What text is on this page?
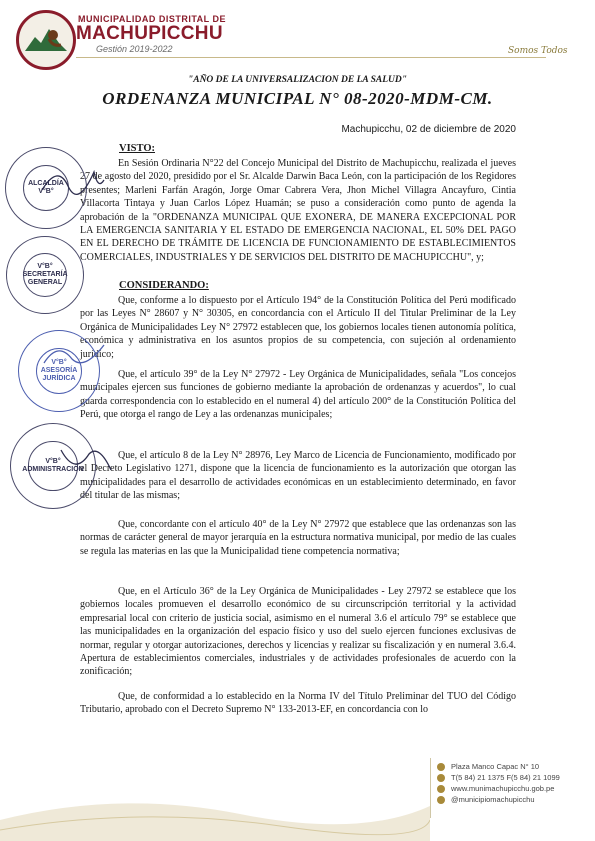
MUNICIPALIDAD DISTRITAL DE
MACHUPICCHU
Gestión 2019-2022	Somos Todos
"AÑO DE LA UNIVERSALIZACION DE LA SALUD"
ORDENANZA MUNICIPAL N° 08-2020-MDM-CM.
Machupicchu, 02 de diciembre de 2020
VISTO:

En Sesión Ordinaria N°22 del Concejo Municipal del Distrito de Machupicchu, realizada el jueves 27 de agosto del 2020, presidido por el Sr. Alcalde Darwin Baca León, con la participación de los Regidores presentes; Marleni Farfán Aragón, Jorge Omar Cabrera Vera, Jhon Michel Villagra Ancayfuro, Cintia Villacorta Tintaya y Juan Carlos López Huamán; se puso a consideración como punto de agenda la aprobación de la "ORDENANZA MUNICIPAL QUE EXONERA, DE MANERA EXCEPCIONAL POR LA EMERGENCIA SANITARIA Y EL ESTADO DE EMERGENCIA NACIONAL, EL 50% DEL PAGO EN EL DERECHO DE TRÁMITE DE LICENCIA DE FUNCIONAMIENTO DE ESTABLECIMIENTOS COMERCIALES, INDUSTRIALES Y DE SERVICIOS DEL DISTRITO DE MACHUPICCHU", y;

CONSIDERANDO:

Que, conforme a lo dispuesto por el Artículo 194° de la Constitución Política del Perú modificado por las Leyes N° 28607 y N° 30305, en concordancia con el Artículo II del Titular Preliminar de la Ley Orgánica de Municipalidades Ley N° 27972 establecen que, los gobiernos locales tienen autonomía política, económica y administrativa en los asuntos propios de su competencia, con sujeción al ordenamiento jurídico;

Que, el artículo 39° de la Ley N° 27972 - Ley Orgánica de Municipalidades, señala "Los concejos municipales ejercen sus funciones de gobierno mediante la aprobación de ordenanzas y acuerdos", lo cual guarda correspondencia con lo establecido en el numeral 4) del artículo 200° de la Constitución Política del Perú, que otorga el rango de Ley a las ordenanzas municipales;

Que, el artículo 8 de la Ley N° 28976, Ley Marco de Licencia de Funcionamiento, modificado por el Decreto Legislativo 1271, dispone que la licencia de funcionamiento es la autorización que otorgan las municipalidades para el desarrollo de actividades económicas en un establecimiento determinado, en favor del titular de las mismas;

Que, concordante con el artículo 40° de la Ley N° 27972 que establece que las ordenanzas son las normas de carácter general de mayor jerarquía en la estructura normativa municipal, por medio de las cuales se regula las materias en las que la Municipalidad tiene competencia normativa;

Que, en el Artículo 36° de la Ley Orgánica de Municipalidades - Ley 27972 se establece que los gobiernos locales promueven el desarrollo económico de su circunscripción territorial y la actividad empresarial local con criterio de justicia social, asimismo en el numeral 3.6 el artículo 79° se establece que las municipalidades en la organización del espacio físico y uso del suelo ejercen funciones exclusivas de normar, regular y otorgar autorizaciones, derechos y licencias y realizar su fiscalización y en numeral 3.6.4. Apertura de establecimientos comerciales, industriales y de actividades profesionales de acuerdo con la zonificación;

Que, de conformidad a lo establecido en la Norma IV del Título Preliminar del TUO del Código Tributario, aprobado con el Decreto Supremo N° 133-2013-EF, en concordancia con lo

ALCALDÍA
V°B°
V°B°
SECRETARÍA GENERAL
V°B°
ASESORÍA JURÍDICA
V°B°
ADMINISTRACIÓN
Plaza Manco Capac N° 10
T(5 84) 21 1375 F(5 84) 21 1099
www.munimachupicchu.gob.pe
@municipiomachupicchu
